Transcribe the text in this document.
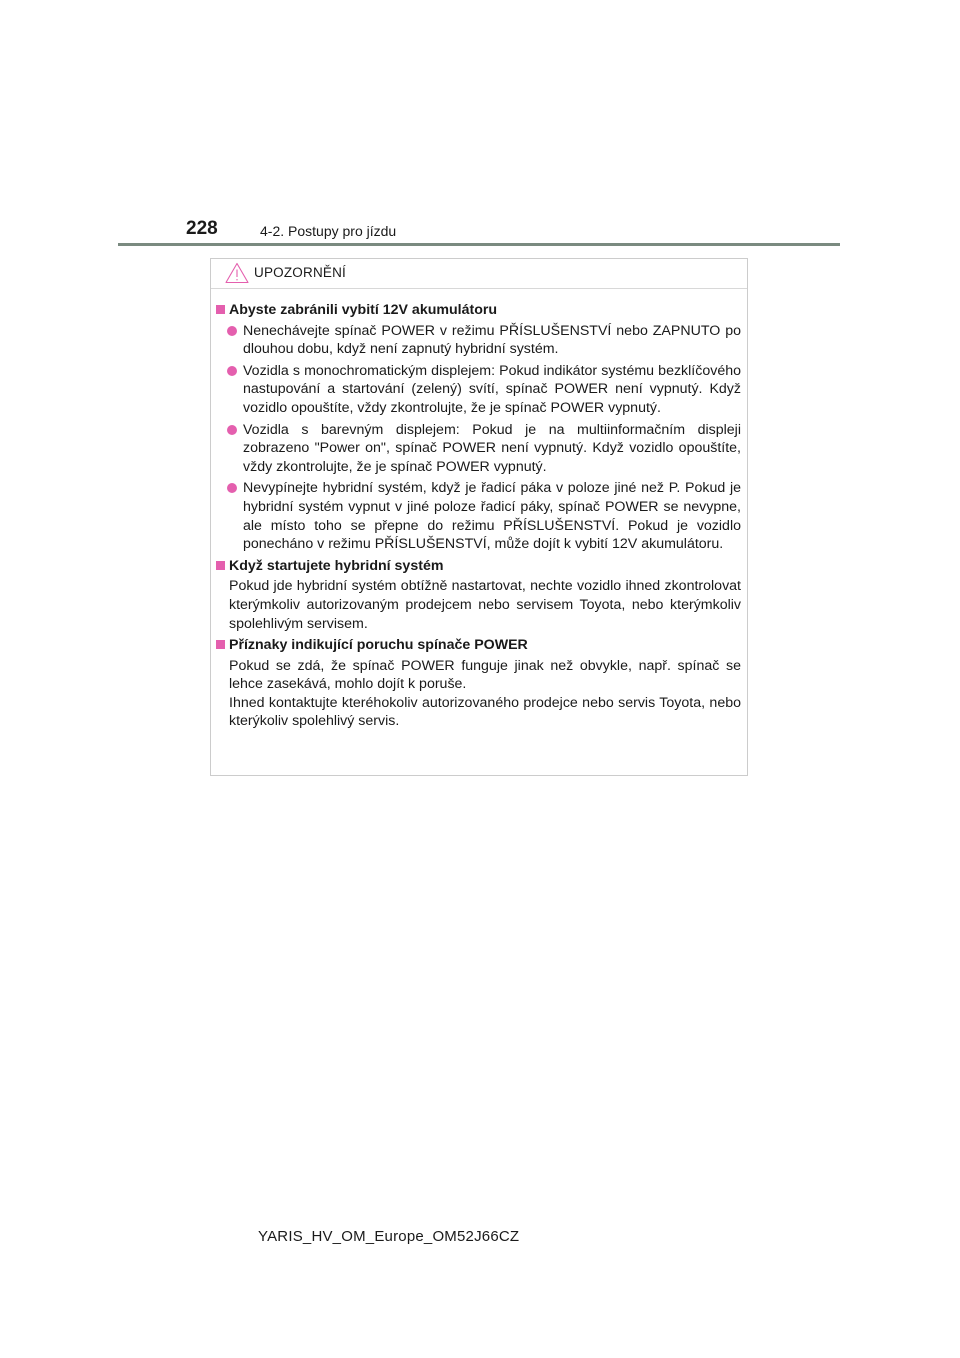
228	4-2. Postupy pro jízdu
UPOZORNĚNÍ
Abyste zabránili vybití 12V akumulátoru
Nenechávejte spínač POWER v režimu PŘÍSLUŠENSTVÍ nebo ZAPNUTO po dlouhou dobu, když není zapnutý hybridní systém.
Vozidla s monochromatickým displejem: Pokud indikátor systému bezklíčového nastupování a startování (zelený) svítí, spínač POWER není vypnutý. Když vozidlo opouštíte, vždy zkontrolujte, že je spínač POWER vypnutý.
Vozidla s barevným displejem: Pokud je na multiinformačním displeji zobrazeno "Power on", spínač POWER není vypnutý. Když vozidlo opouštíte, vždy zkontrolujte, že je spínač POWER vypnutý.
Nevypínejte hybridní systém, když je řadicí páka v poloze jiné než P. Pokud je hybridní systém vypnut v jiné poloze řadicí páky, spínač POWER se nevypne, ale místo toho se přepne do režimu PŘÍSLUŠENSTVÍ. Pokud je vozidlo ponecháno v režimu PŘÍSLUŠENSTVÍ, může dojít k vybití 12V akumulátoru.
Když startujete hybridní systém
Pokud jde hybridní systém obtížně nastartovat, nechte vozidlo ihned zkontrolovat kterýmkoliv autorizovaným prodejcem nebo servisem Toyota, nebo kterýmkoliv spolehlivým servisem.
Příznaky indikující poruchu spínače POWER
Pokud se zdá, že spínač POWER funguje jinak než obvykle, např. spínač se lehce zasekává, mohlo dojít k poruše.
Ihned kontaktujte kteréhokoliv autorizovaného prodejce nebo servis Toyota, nebo kterýkoliv spolehlivý servis.
YARIS_HV_OM_Europe_OM52J66CZ
